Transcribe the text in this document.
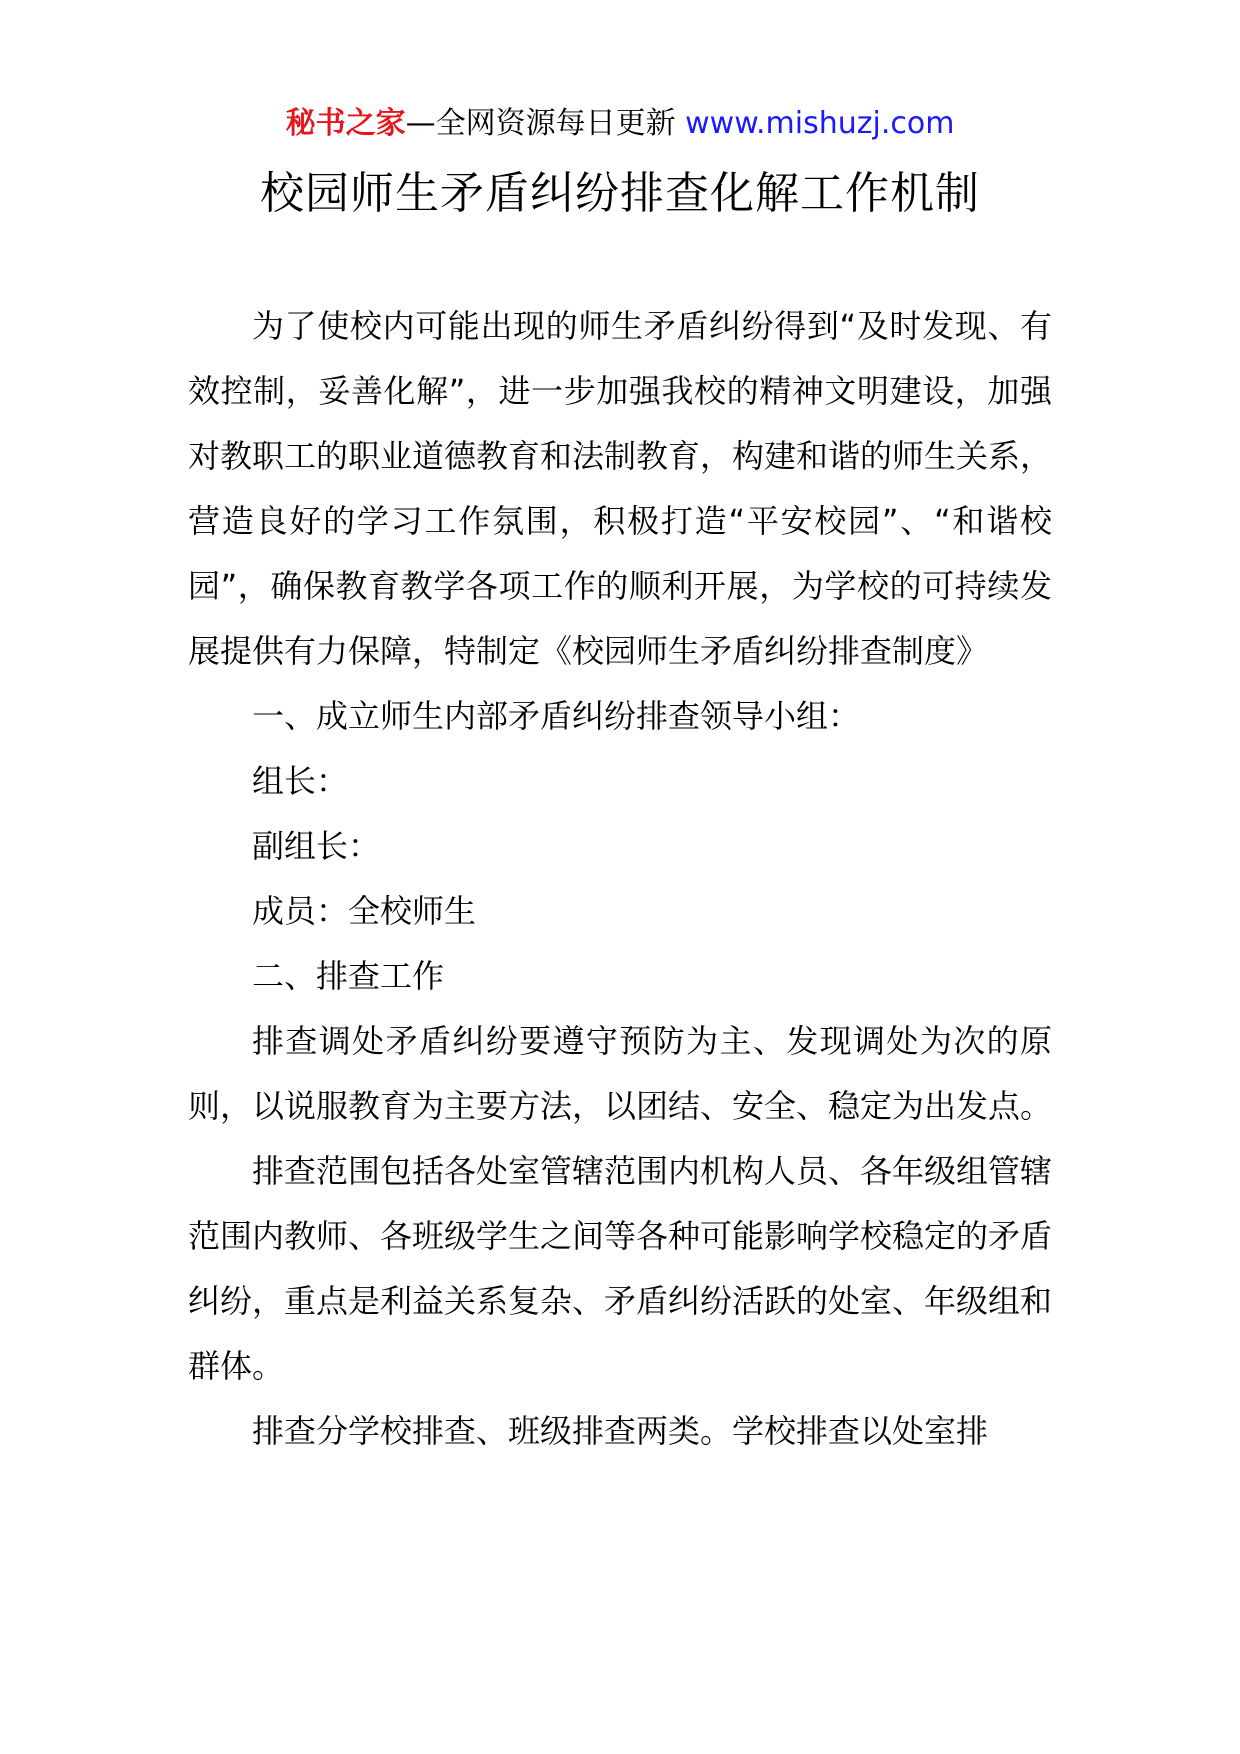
秘书之家—全网资源每日更新 www.mishuzj.com
校园师生矛盾纠纷排查化解工作机制

为了使校内可能出现的师生矛盾纠纷得到“及时发现、有效控制，妥善化解”，进一步加强我校的精神文明建设，加强对教职工的职业道德教育和法制教育，构建和谐的师生关系，营造良好的学习工作氛围，积极打造“平安校园”、“和谐校园”，确保教育教学各项工作的顺利开展，为学校的可持续发展提供有力保障，特制定《校园师生矛盾纠纷排查制度》

一、成立师生内部矛盾纠纷排查领导小组：

组长：

副组长：

成员：全校师生

二、排查工作

排查调处矛盾纠纷要遵守预防为主、发现调处为次的原则，以说服教育为主要方法，以团结、安全、稳定为出发点。

排查范围包括各处室管辖范围内机构人员、各年级组管辖范围内教师、各班级学生之间等各种可能影响学校稳定的矛盾纠纷，重点是利益关系复杂、矛盾纠纷活跃的处室、年级组和群体。

排查分学校排查、班级排查两类。学校排查以处室排
